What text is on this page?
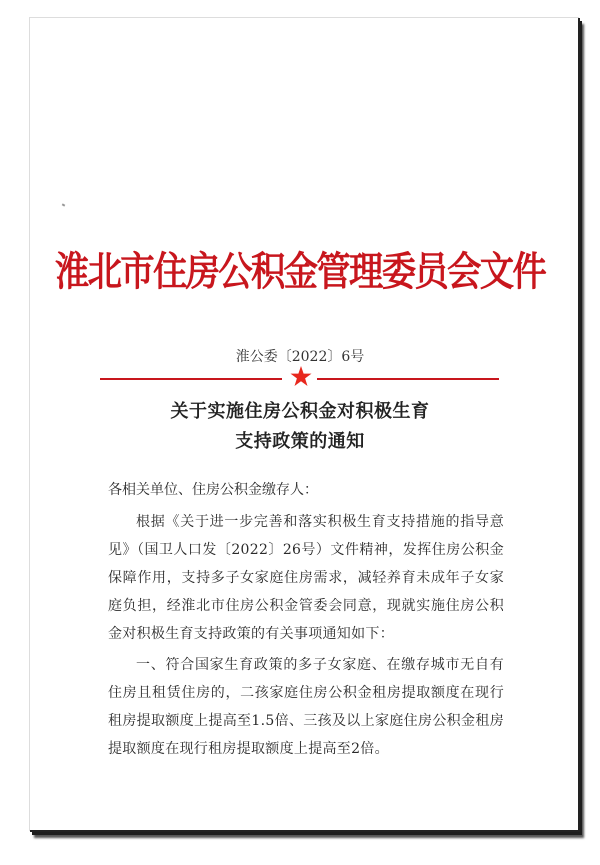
淮北市住房公积金管理委员会文件
淮公委〔2022〕6号
关于实施住房公积金对积极生育
支持政策的通知
各相关单位、住房公积金缴存人：
根据《关于进一步完善和落实积极生育支持措施的指导意见》（国卫人口发〔2022〕26号）文件精神，发挥住房公积金保障作用，支持多子女家庭住房需求，减轻养育未成年子女家庭负担，经淮北市住房公积金管委会同意，现就实施住房公积金对积极生育支持政策的有关事项通知如下：
一、符合国家生育政策的多子女家庭、在缴存城市无自有住房且租赁住房的，二孩家庭住房公积金租房提取额度在现行租房提取额度上提高至1.5倍、三孩及以上家庭住房公积金租房提取额度在现行租房提取额度上提高至2倍。
